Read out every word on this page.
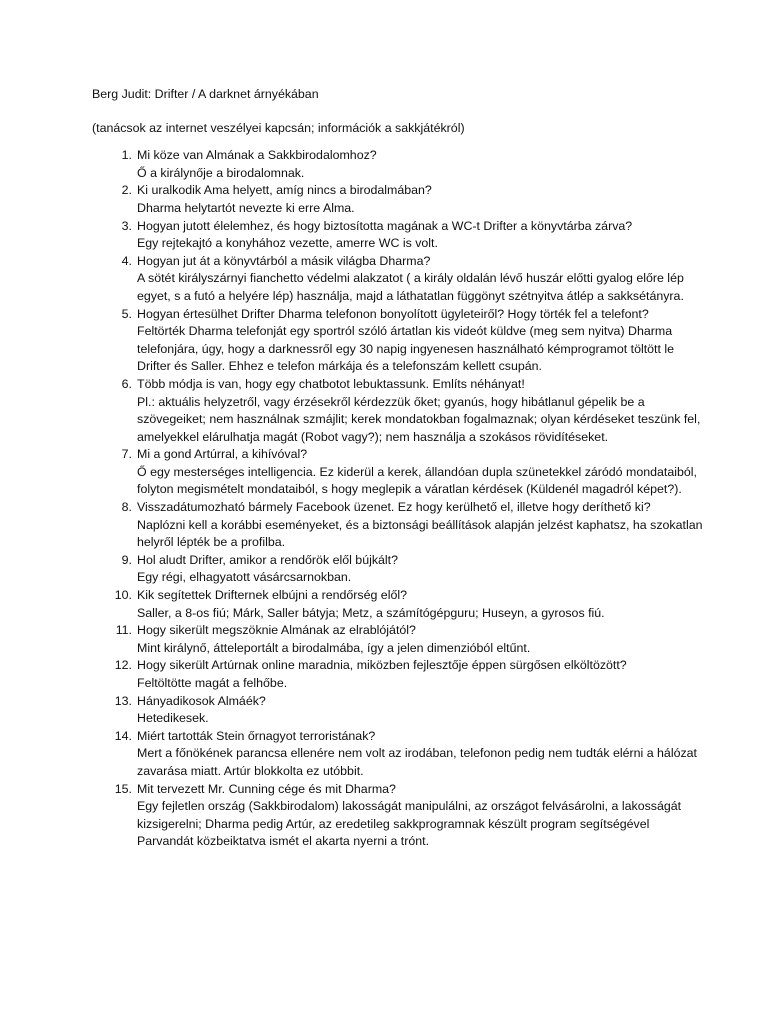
Berg Judit: Drifter / A darknet árnyékában

(tanácsok az internet veszélyei kapcsán; információk a sakkjátékról)

1. Mi köze van Almának a Sakkbirodalomhoz?
Ő a királynője a birodalomnak.
2. Ki uralkodik Ama helyett, amíg nincs a birodalmában?
Dharma helytartót nevezte ki erre Alma.
3. Hogyan jutott élelemhez, és hogy biztosította magának a WC-t Drifter a könyvtárba zárva?
Egy rejtekajtó a konyhához vezette, amerre WC is volt.
4. Hogyan jut át a könyvtárból a másik világba Dharma?
A sötét királyszárnyi fianchetto védelmi alakzatot ( a király oldalán lévő huszár előtti gyalog előre lép egyet, s a futó a helyére lép) használja, majd a láthatatlan függönyt szétnyitva átlép a sakksétányra.
5. Hogyan értesülhet Drifter Dharma telefonon bonyolított ügyleteiről? Hogy törték fel a telefont?
Feltörték Dharma telefonját egy sportról szóló ártatlan kis videót küldve (meg sem nyitva) Dharma telefonjára, úgy, hogy a darknessről egy 30 napig ingyenesen használható kémprogramot töltött le Drifter és Saller. Ehhez e telefon márkája és a telefonszám kellett csupán.
6. Több módja is van, hogy egy chatbotot lebuktassunk. Említs néhányat!
Pl.: aktuális helyzetről, vagy érzésekről kérdezzük őket; gyanús, hogy hibátlanul gépelik be a szövegeiket; nem használnak szmájlit; kerek mondatokban fogalmaznak; olyan kérdéseket teszünk fel, amelyekkel elárulhatja magát (Robot vagy?); nem használja a szokásos rövidítéseket.
7. Mi a gond Artúrral, a kihívóval?
Ő egy mesterséges intelligencia. Ez kiderül a kerek, állandóan dupla szünetekkel záródó mondataiból, folyton megismételt mondataiból, s hogy meglepik a váratlan kérdések (Küldenél magadról képet?).
8. Visszadátumozható bármely Facebook üzenet. Ez hogy kerülhető el, illetve hogy deríthető ki?
Naplózni kell a korábbi eseményeket, és a biztonsági beállítások alapján jelzést kaphatsz, ha szokatlan helyről lépték be a profilba.
9. Hol aludt Drifter, amikor a rendőrök elől bújkált?
Egy régi, elhagyatott vásárcsarnokban.
10. Kik segítettek Drifternek elbújni a rendőrség elől?
Saller, a 8-os fiú; Márk, Saller bátyja; Metz, a számítógépguru; Huseyn, a gyrosos fiú.
11. Hogy sikerült megszöknie Almának az elrablójától?
Mint királynő, átteleportált a birodalmába, így a jelen dimenzióból eltűnt.
12. Hogy sikerült Artúrnak online maradnia, miközben fejlesztője éppen sürgősen elköltözött?
Feltöltötte magát a felhőbe.
13. Hányadikosok Almáék?
Hetedikesek.
14. Miért tartották Stein őrnagyot terroristának?
Mert a főnökének parancsa ellenére nem volt az irodában, telefonon pedig nem tudták elérni a hálózat zavarása miatt. Artúr blokkolta ez utóbbit.
15. Mit tervezett Mr. Cunning cége és mit Dharma?
Egy fejletlen ország (Sakkbirodalom) lakosságát manipulálni, az országot felvásárolni, a lakosságát kizsigerelni; Dharma pedig Artúr, az eredetileg sakkprogramnak készült program segítségével Parvandát közbeiktatva ismét el akarta nyerni a trónt.
